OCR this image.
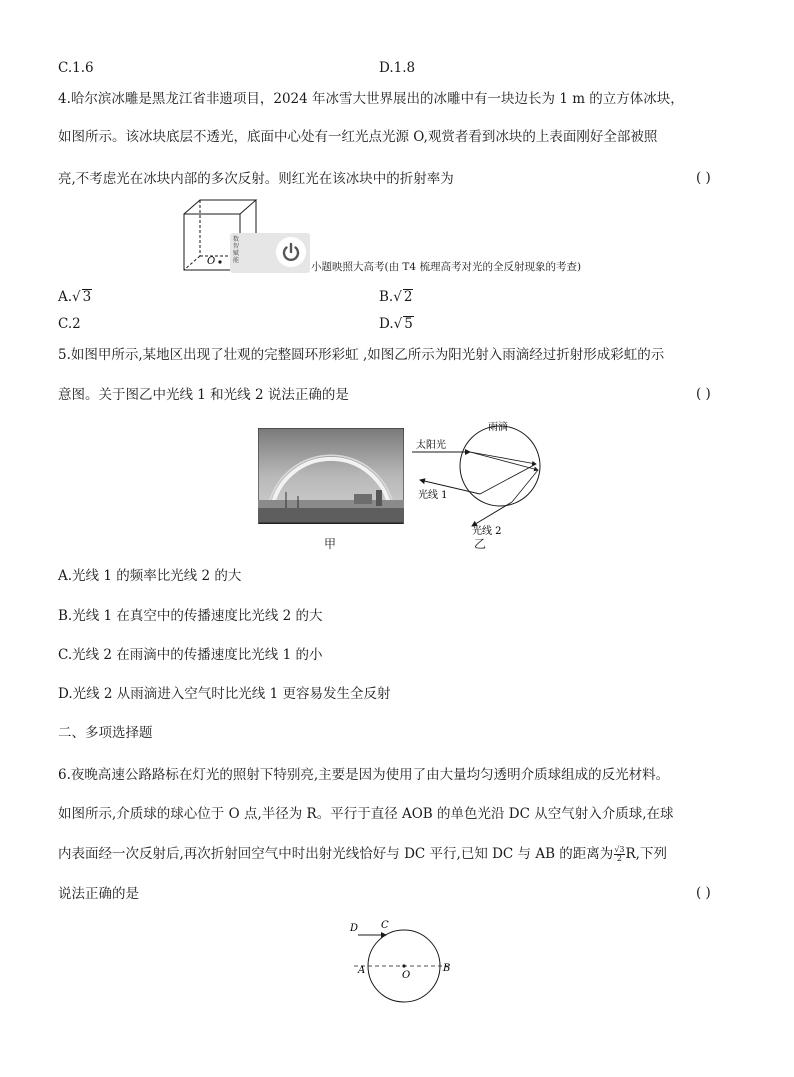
C.1.6	D.1.8
4.哈尔滨冰雕是黑龙江省非遗项目，2024 年冰雪大世界展出的冰雕中有一块边长为 1 m 的立方体冰块，
如图所示。该冰块底层不透光，底面中心处有一红光点光源 O,观赏者看到冰块的上表面刚好全部被照
亮,不考虑光在冰块内部的多次反射。则红光在该冰块中的折射率为	( )
O
数智赋能
小题映照大高考(由 T4 梳理高考对光的全反射现象的考查)
A.√ 3	B.√ 2
C.2	D.√ 5
5.如图甲所示,某地区出现了壮观的完整圆环形彩虹 ,如图乙所示为阳光射入雨滴经过折射形成彩虹的示
意图。关于图乙中光线 1 和光线 2 说法正确的是	( )
甲
雨滴
太阳光
光线 1
光线 2
乙
A.光线 1 的频率比光线 2 的大
B.光线 1 在真空中的传播速度比光线 2 的大
C.光线 2 在雨滴中的传播速度比光线 1 的小
D.光线 2 从雨滴进入空气时比光线 1 更容易发生全反射
二、多项选择题
6.夜晚高速公路路标在灯光的照射下特别亮,主要是因为使用了由大量均匀透明介质球组成的反光材料。
如图所示,介质球的球心位于 O 点,半径为 R。平行于直径 AOB 的单色光沿 DC 从空气射入介质球,在球
内表面经一次反射后,再次折射回空气中时出射光线恰好与 DC 平行,已知 DC 与 AB 的距离为 $\frac{√3}{2} R$,下列
说法正确的是	( )
D C
A	O
B
